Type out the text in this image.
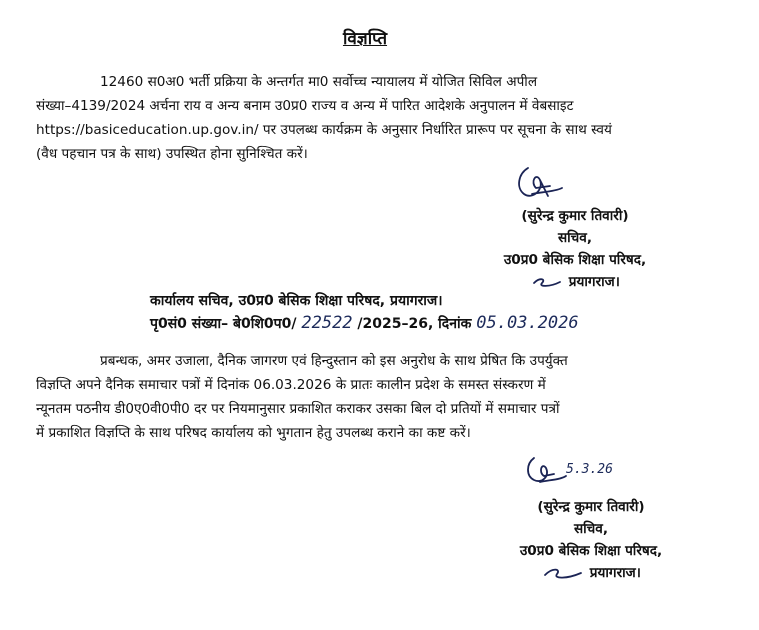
विज्ञप्ति
12460 स0अ0 भर्ती प्रक्रिया के अन्तर्गत मा0 सर्वोच्च न्यायालय में योजित सिविल अपील
संख्या–4139/2024 अर्चना राय व अन्य बनाम उ0प्र0 राज्य व अन्य में पारित आदेशके अनुपालन में वेबसाइट
https://basiceducation.up.gov.in/ पर उपलब्ध कार्यक्रम के अनुसार निर्धारित प्रारूप पर सूचना के साथ स्वयं
(वैध पहचान पत्र के साथ) उपस्थित होना सुनिश्चित करें।
(सुरेन्द्र कुमार तिवारी)
सचिव,
उ0प्र0 बेसिक शिक्षा परिषद,
प्रयागराज।
कार्यालय सचिव, उ0प्र0 बेसिक शिक्षा परिषद, प्रयागराज।
पृ0सं0 संख्या– बे0शि0प0/ 22522 /2025–26, दिनांक 05.03.2026
प्रबन्धक, अमर उजाला, दैनिक जागरण एवं हिन्दुस्तान को इस अनुरोध के साथ प्रेषित कि उपर्युक्त
विज्ञप्ति अपने दैनिक समाचार पत्रों में दिनांक 06.03.2026 के प्रातः कालीन प्रदेश के समस्त संस्करण में
न्यूनतम पठनीय डी0ए0वी0पी0 दर पर नियमानुसार प्रकाशित कराकर उसका बिल दो प्रतियों में समाचार पत्रों
में प्रकाशित विज्ञप्ति के साथ परिषद कार्यालय को भुगतान हेतु उपलब्ध कराने का कष्ट करें।
5.3.26
(सुरेन्द्र कुमार तिवारी)
सचिव,
उ0प्र0 बेसिक शिक्षा परिषद,
प्रयागराज।
